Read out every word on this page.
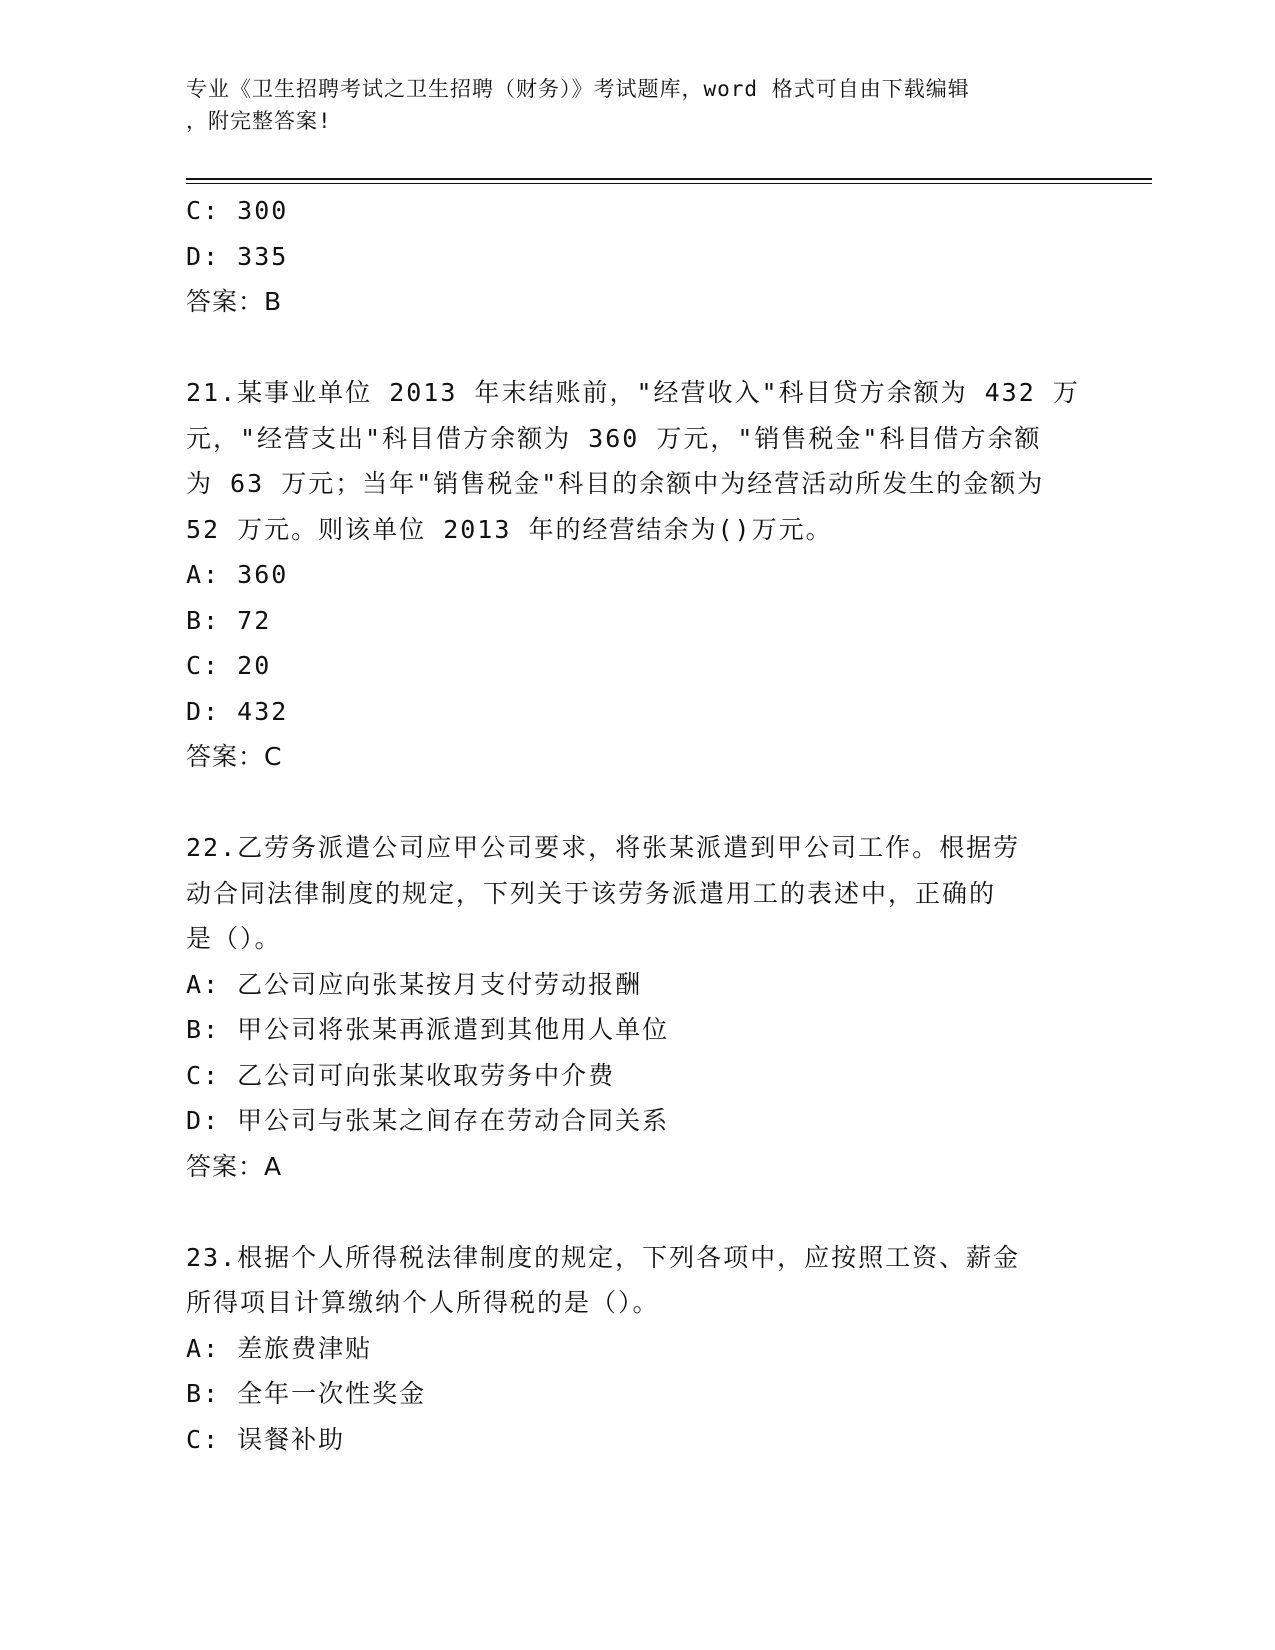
专业《卫生招聘考试之卫生招聘（财务）》考试题库，word 格式可自由下载编辑
，附完整答案!
C: 300
D: 335
答案：B
21.某事业单位 2013 年末结账前，"经营收入"科目贷方余额为 432 万
元，"经营支出"科目借方余额为 360 万元，"销售税金"科目借方余额
为 63 万元；当年"销售税金"科目的余额中为经营活动所发生的金额为
52 万元。则该单位 2013 年的经营结余为()万元。
A: 360
B: 72
C: 20
D: 432
答案：C
22.乙劳务派遣公司应甲公司要求，将张某派遣到甲公司工作。根据劳
动合同法律制度的规定，下列关于该劳务派遣用工的表述中，正确的
是（）。
A: 乙公司应向张某按月支付劳动报酬
B: 甲公司将张某再派遣到其他用人单位
C: 乙公司可向张某收取劳务中介费
D: 甲公司与张某之间存在劳动合同关系
答案：A
23.根据个人所得税法律制度的规定，下列各项中，应按照工资、薪金
所得项目计算缴纳个人所得税的是（）。
A: 差旅费津贴
B: 全年一次性奖金
C: 误餐补助
